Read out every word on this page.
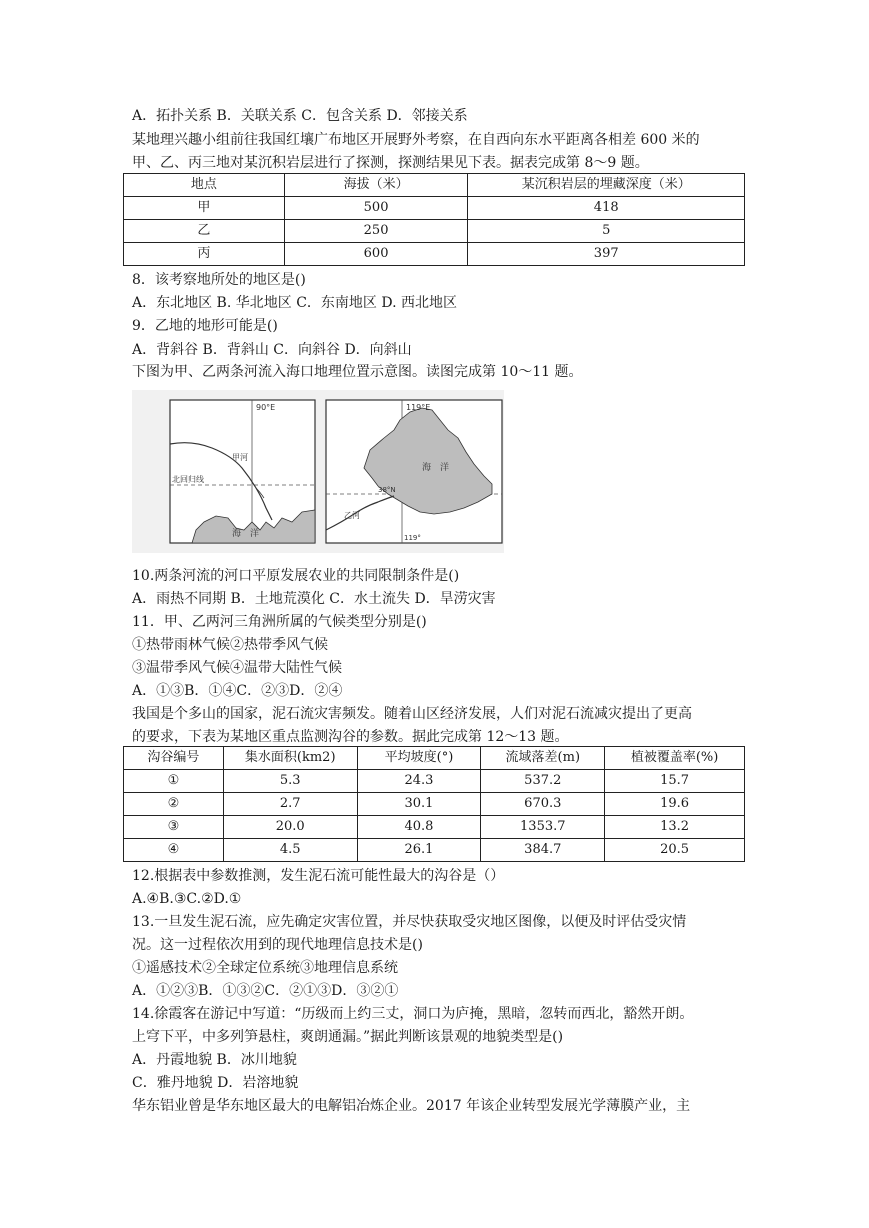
A．拓扑关系 B．关联关系 C．包含关系 D．邻接关系
某地理兴趣小组前往我国红壤广布地区开展野外考察，在自西向东水平距离各相差 600 米的
甲、乙、丙三地对某沉积岩层进行了探测，探测结果见下表。据表完成第 8～9 题。
地点	海拔（米）	某沉积岩层的埋藏深度（米）
甲	500	418
乙	250	5
丙	600	397
8．该考察地所处的地区是()
A．东北地区 B. 华北地区 C．东南地区 D. 西北地区
9．乙地的地形可能是()
A．背斜谷 B．背斜山 C．向斜谷 D．向斜山
下图为甲、乙两条河流入海口地理位置示意图。读图完成第 10～11 题。
90°E
甲河
北回归线
海　洋
119°E
38°N
海　洋
乙河
119°
10.两条河流的河口平原发展农业的共同限制条件是()
A．雨热不同期 B．土地荒漠化 C．水土流失 D．旱涝灾害
11．甲、乙两河三角洲所属的气候类型分别是()
①热带雨林气候②热带季风气候
③温带季风气候④温带大陆性气候
A．①③B．①④C．②③D．②④
我国是个多山的国家，泥石流灾害频发。随着山区经济发展，人们对泥石流减灾提出了更高
的要求，下表为某地区重点监测沟谷的参数。据此完成第 12～13 题。
沟谷编号	集水面积(km2)	平均坡度(°)	流域落差(m)	植被覆盖率(%)
①	5.3	24.3	537.2	15.7
②	2.7	30.1	670.3	19.6
③	20.0	40.8	1353.7	13.2
④	4.5	26.1	384.7	20.5
12.根据表中参数推测，发生泥石流可能性最大的沟谷是（）
A.④B.③C.②D.①
13.一旦发生泥石流，应先确定灾害位置，并尽快获取受灾地区图像，以便及时评估受灾情
况。这一过程依次用到的现代地理信息技术是()
①遥感技术②全球定位系统③地理信息系统
A．①②③B．①③②C．②①③D．③②①
14.徐霞客在游记中写道：“历级而上约三丈，洞口为庐掩，黑暗，忽转而西北，豁然开朗。
上穹下平，中多列笋悬柱，爽朗通漏。”据此判断该景观的地貌类型是()
A．丹霞地貌 B．冰川地貌
C．雅丹地貌 D．岩溶地貌
华东铝业曾是华东地区最大的电解铝冶炼企业。2017 年该企业转型发展光学薄膜产业，主
